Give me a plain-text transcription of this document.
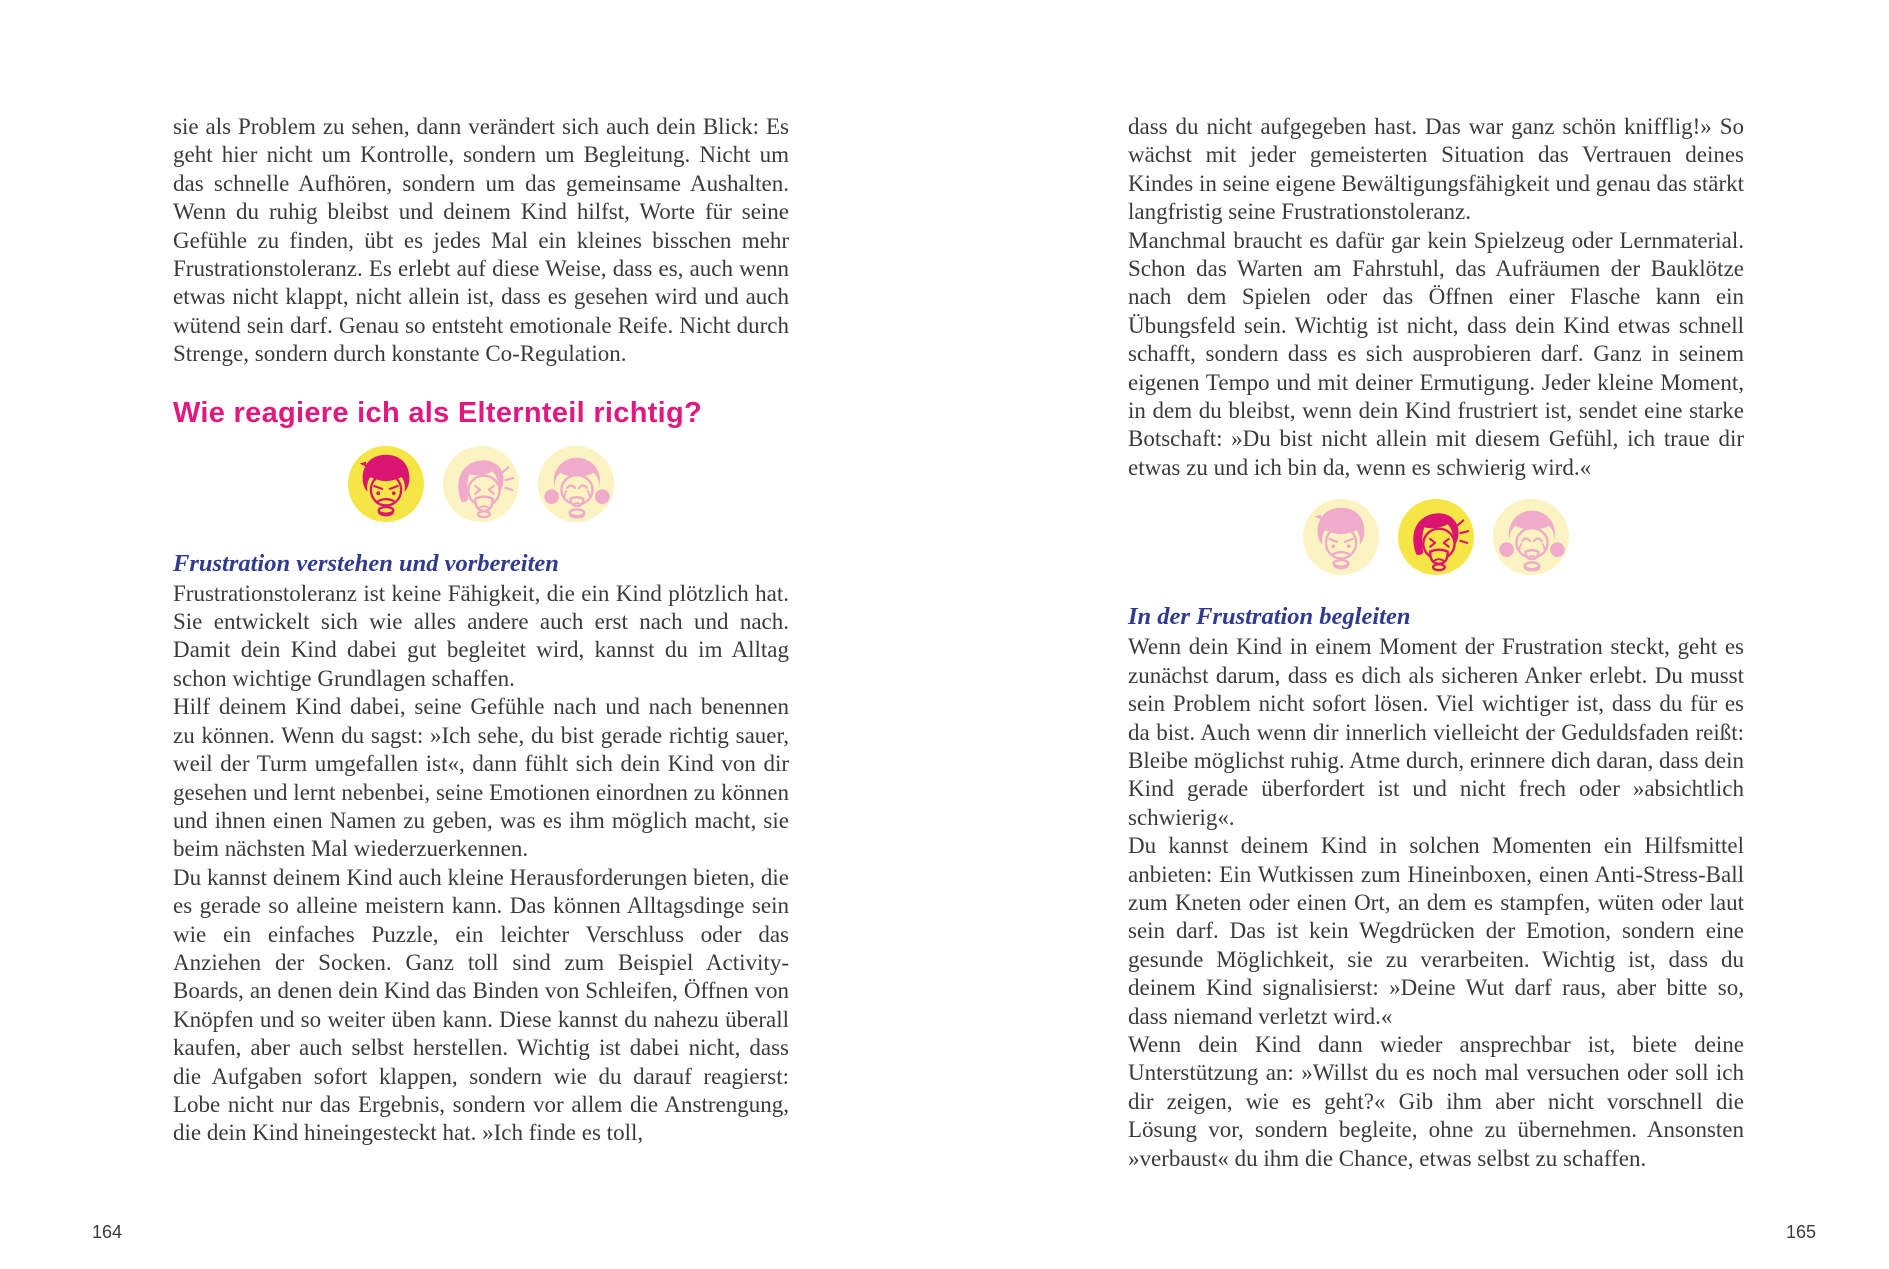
sie als Problem zu sehen, dann verändert sich auch dein Blick: Es geht hier nicht um Kontrolle, sondern um Begleitung. Nicht um das schnelle Aufhören, sondern um das gemeinsame Aushalten. Wenn du ruhig bleibst und deinem Kind hilfst, Worte für seine Gefühle zu finden, übt es jedes Mal ein kleines bisschen mehr Frustrationstoleranz. Es erlebt auf diese Weise, dass es, auch wenn etwas nicht klappt, nicht allein ist, dass es gesehen wird und auch wütend sein darf. Genau so entsteht emotionale Reife. Nicht durch Strenge, sondern durch konstante Co-Regulation.

Wie reagiere ich als Elternteil richtig?
Frustration verstehen und vorbereiten

Frustrationstoleranz ist keine Fähigkeit, die ein Kind plötzlich hat. Sie entwickelt sich wie alles andere auch erst nach und nach. Damit dein Kind dabei gut begleitet wird, kannst du im Alltag schon wichtige Grundlagen schaffen.

Hilf deinem Kind dabei, seine Gefühle nach und nach benennen zu können. Wenn du sagst: »Ich sehe, du bist gerade richtig sauer, weil der Turm umgefallen ist«, dann fühlt sich dein Kind von dir gesehen und lernt nebenbei, seine Emotionen einordnen zu können und ihnen einen Namen zu geben, was es ihm möglich macht, sie beim nächsten Mal wiederzuerkennen.

Du kannst deinem Kind auch kleine Herausforderungen bieten, die es gerade so alleine meistern kann. Das können Alltagsdinge sein wie ein einfaches Puzzle, ein leichter Verschluss oder das Anziehen der Socken. Ganz toll sind zum Beispiel Activity-Boards, an denen dein Kind das Binden von Schleifen, Öffnen von Knöpfen und so weiter üben kann. Diese kannst du nahezu überall kaufen, aber auch selbst herstellen. Wichtig ist dabei nicht, dass die Aufgaben sofort klappen, sondern wie du darauf reagierst: Lobe nicht nur das Ergebnis, sondern vor allem die Anstrengung, die dein Kind hineingesteckt hat. »Ich finde es toll,

dass du nicht aufgegeben hast. Das war ganz schön knifflig!» So wächst mit jeder gemeisterten Situation das Vertrauen deines Kindes in seine eigene Bewältigungsfähigkeit und genau das stärkt langfristig seine Frustrationstoleranz.

Manchmal braucht es dafür gar kein Spielzeug oder Lernmaterial. Schon das Warten am Fahrstuhl, das Aufräumen der Bauklötze nach dem Spielen oder das Öffnen einer Flasche kann ein Übungsfeld sein. Wichtig ist nicht, dass dein Kind etwas schnell schafft, sondern dass es sich ausprobieren darf. Ganz in seinem eigenen Tempo und mit deiner Ermutigung. Jeder kleine Moment, in dem du bleibst, wenn dein Kind frustriert ist, sendet eine starke Botschaft: »Du bist nicht allein mit diesem Gefühl, ich traue dir etwas zu und ich bin da, wenn es schwierig wird.«

In der Frustration begleiten

Wenn dein Kind in einem Moment der Frustration steckt, geht es zunächst darum, dass es dich als sicheren Anker erlebt. Du musst sein Problem nicht sofort lösen. Viel wichtiger ist, dass du für es da bist. Auch wenn dir innerlich vielleicht der Geduldsfaden reißt: Bleibe möglichst ruhig. Atme durch, erinnere dich daran, dass dein Kind gerade überfordert ist und nicht frech oder »absichtlich schwierig«.

Du kannst deinem Kind in solchen Momenten ein Hilfsmittel anbieten: Ein Wutkissen zum Hineinboxen, einen Anti-Stress-Ball zum Kneten oder einen Ort, an dem es stampfen, wüten oder laut sein darf. Das ist kein Wegdrücken der Emotion, sondern eine gesunde Möglichkeit, sie zu verarbeiten. Wichtig ist, dass du deinem Kind signalisierst: »Deine Wut darf raus, aber bitte so, dass niemand verletzt wird.«

Wenn dein Kind dann wieder ansprechbar ist, biete deine Unterstützung an: »Willst du es noch mal versuchen oder soll ich dir zeigen, wie es geht?« Gib ihm aber nicht vorschnell die Lösung vor, sondern begleite, ohne zu übernehmen. Ansonsten »verbaust« du ihm die Chance, etwas selbst zu schaffen.

164	165
